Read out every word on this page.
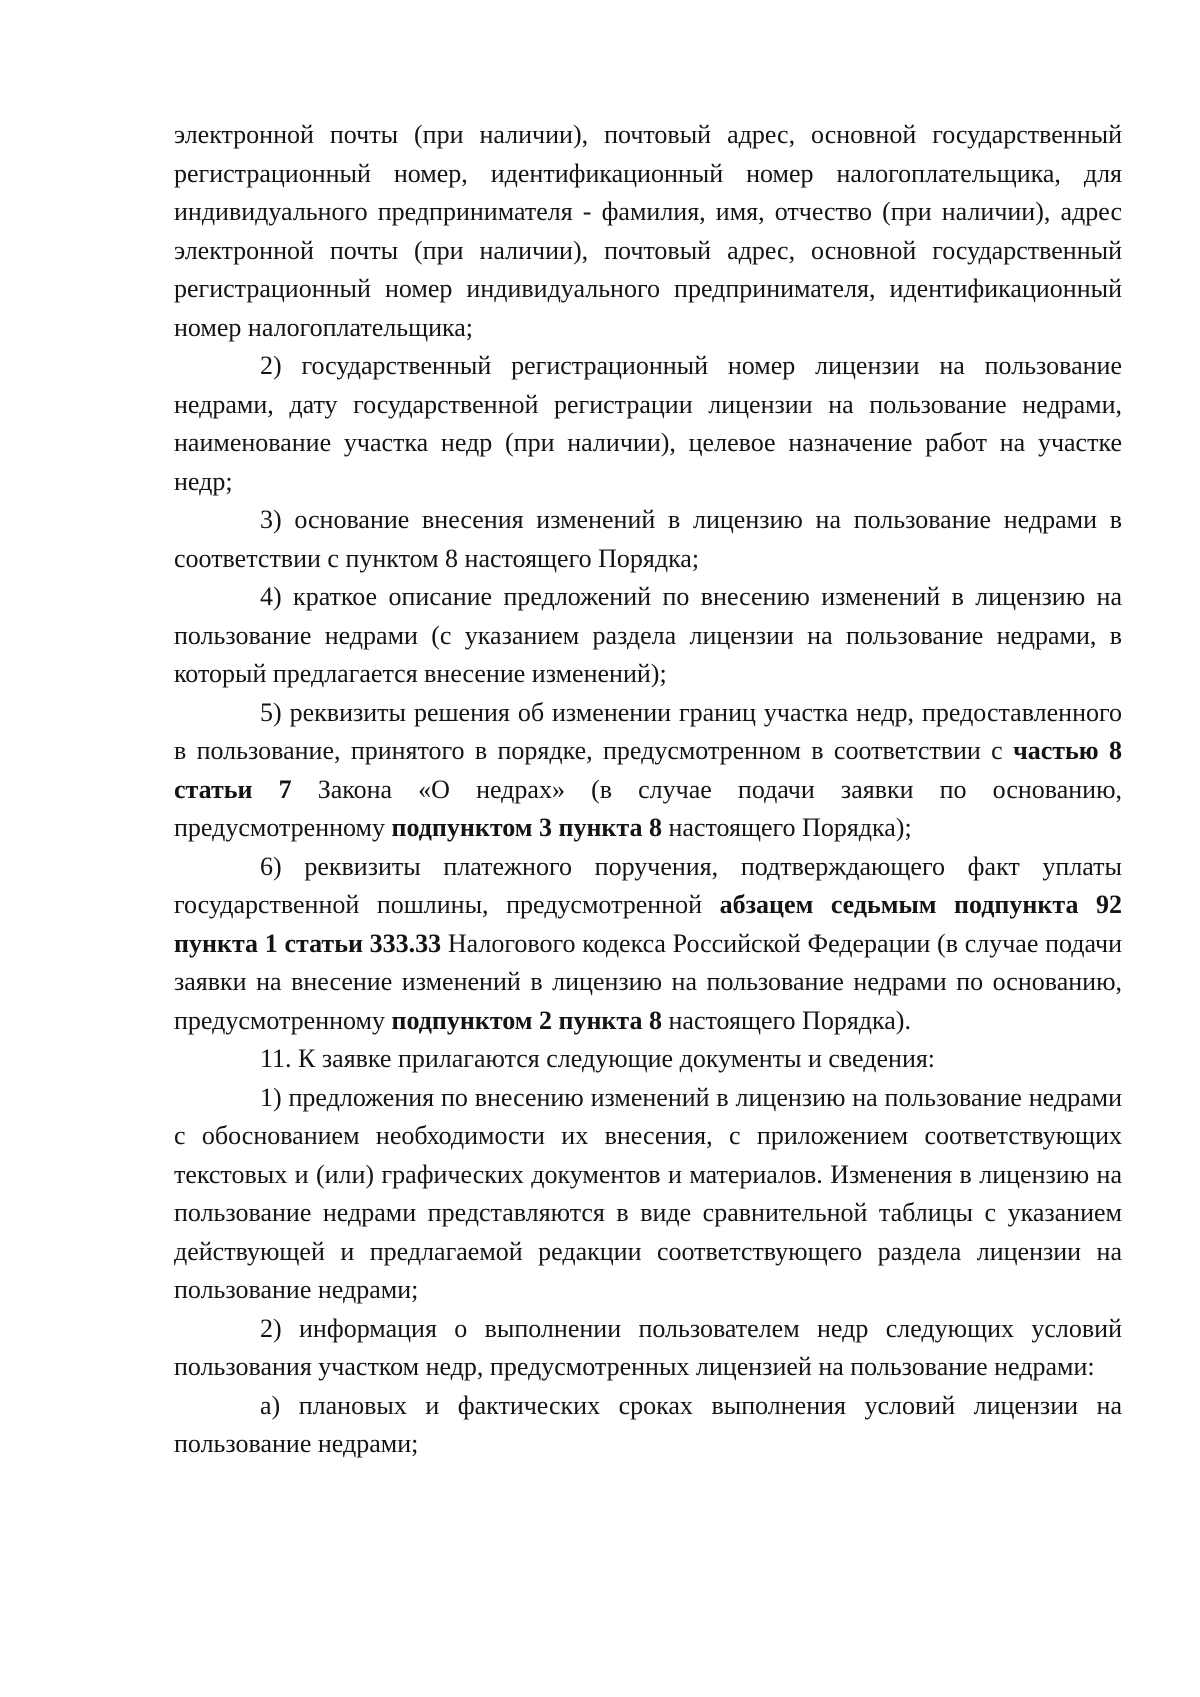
электронной почты (при наличии), почтовый адрес, основной государственный регистрационный номер, идентификационный номер налогоплательщика, для индивидуального предпринимателя - фамилия, имя, отчество (при наличии), адрес электронной почты (при наличии), почтовый адрес, основной государственный регистрационный номер индивидуального предпринимателя, идентификационный номер налогоплательщика;

2) государственный регистрационный номер лицензии на пользование недрами, дату государственной регистрации лицензии на пользование недрами, наименование участка недр (при наличии), целевое назначение работ на участке недр;

3) основание внесения изменений в лицензию на пользование недрами в соответствии с пунктом 8 настоящего Порядка;

4) краткое описание предложений по внесению изменений в лицензию на пользование недрами (с указанием раздела лицензии на пользование недрами, в который предлагается внесение изменений);

5) реквизиты решения об изменении границ участка недр, предоставленного в пользование, принятого в порядке, предусмотренном в соответствии с частью 8 статьи 7 Закона «О недрах» (в случае подачи заявки по основанию, предусмотренному подпунктом 3 пункта 8 настоящего Порядка);

6) реквизиты платежного поручения, подтверждающего факт уплаты государственной пошлины, предусмотренной абзацем седьмым подпункта 92 пункта 1 статьи 333.33 Налогового кодекса Российской Федерации (в случае подачи заявки на внесение изменений в лицензию на пользование недрами по основанию, предусмотренному подпунктом 2 пункта 8 настоящего Порядка).

11. К заявке прилагаются следующие документы и сведения:

1) предложения по внесению изменений в лицензию на пользование недрами с обоснованием необходимости их внесения, с приложением соответствующих текстовых и (или) графических документов и материалов. Изменения в лицензию на пользование недрами представляются в виде сравнительной таблицы с указанием действующей и предлагаемой редакции соответствующего раздела лицензии на пользование недрами;

2) информация о выполнении пользователем недр следующих условий пользования участком недр, предусмотренных лицензией на пользование недрами:

а) плановых и фактических сроках выполнения условий лицензии на пользование недрами;
